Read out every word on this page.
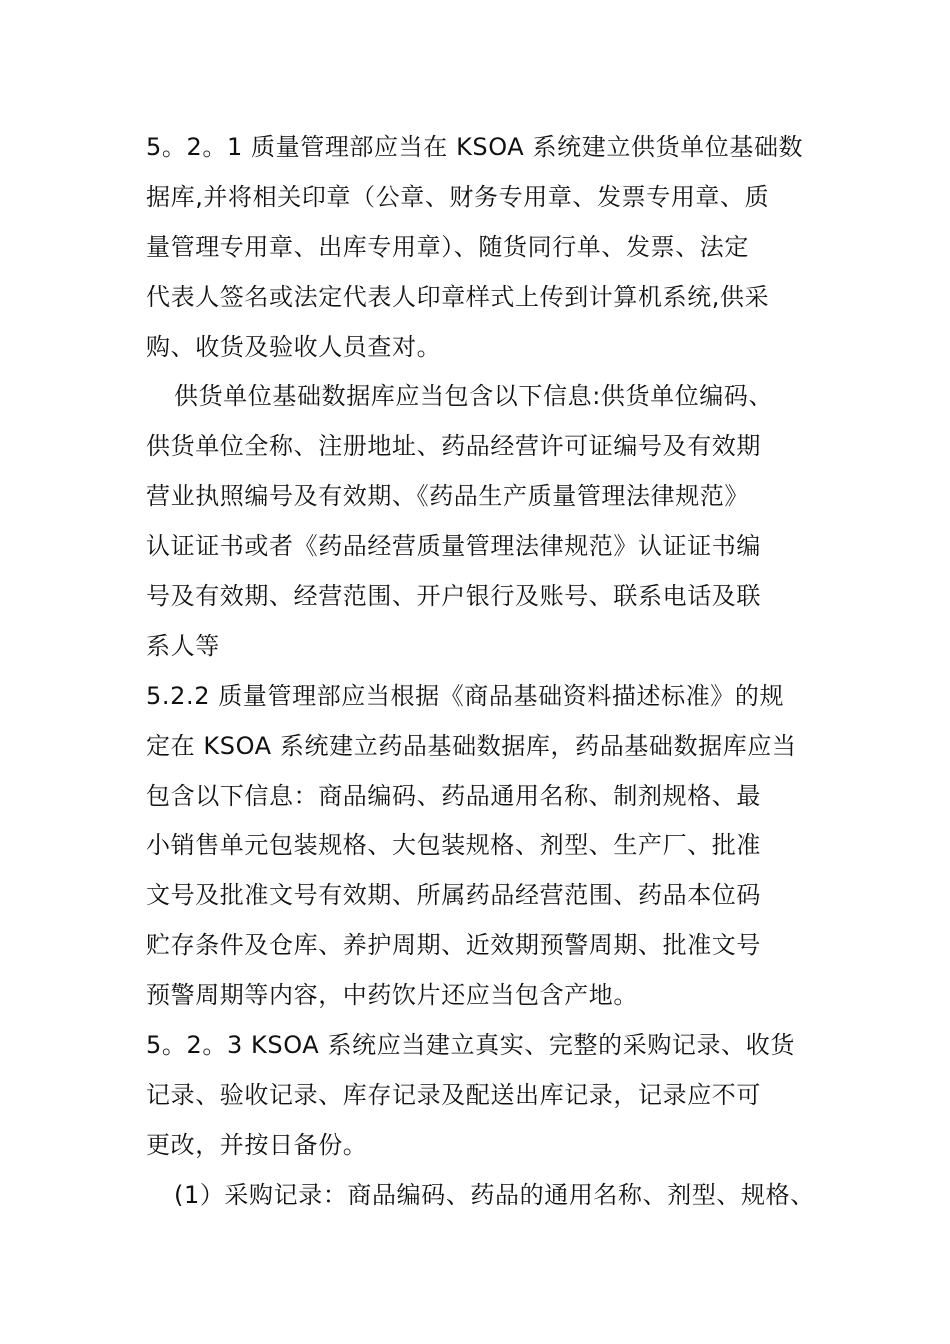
5。2。1 质量管理部应当在 KSOA 系统建立供货单位基础数
据库,并将相关印章（公章、财务专用章、发票专用章、质
量管理专用章、出库专用章）、随货同行单、发票、法定
代表人签名或法定代表人印章样式上传到计算机系统,供采
购、收货及验收人员查对。
供货单位基础数据库应当包含以下信息:供货单位编码、
供货单位全称、注册地址、药品经营许可证编号及有效期
营业执照编号及有效期、《药品生产质量管理法律规范》
认证证书或者《药品经营质量管理法律规范》认证证书编
号及有效期、经营范围、开户银行及账号、联系电话及联
系人等
5.2.2 质量管理部应当根据《商品基础资料描述标准》的规
定在 KSOA 系统建立药品基础数据库，药品基础数据库应当
包含以下信息：商品编码、药品通用名称、制剂规格、最
小销售单元包装规格、大包装规格、剂型、生产厂、批准
文号及批准文号有效期、所属药品经营范围、药品本位码
贮存条件及仓库、养护周期、近效期预警周期、批准文号
预警周期等内容，中药饮片还应当包含产地。
5。2。3 KSOA 系统应当建立真实、完整的采购记录、收货
记录、验收记录、库存记录及配送出库记录，记录应不可
更改，并按日备份。
(1）采购记录：商品编码、药品的通用名称、剂型、规格、
